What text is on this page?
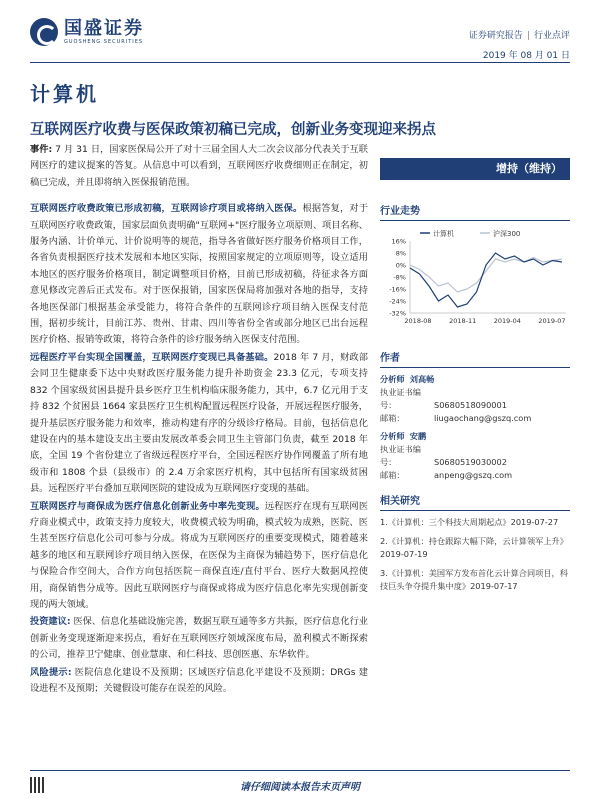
国盛证券
GUOSHENG SECURITIES
证券研究报告 | 行业点评
2019 年 08 月 01 日
计算机
互联网医疗收费与医保政策初稿已完成，创新业务变现迎来拐点

事件: 7 月 31 日，国家医保局公开了对十三届全国人大二次会议部分代表关于互联网医疗的建议提案的答复。从信息中可以看到，互联网医疗收费细则正在制定，初稿已完成，并且即将纳入医保报销范围。

互联网医疗收费政策已形成初稿，互联网诊疗项目或将纳入医保。根据答复，对于互联网医疗收费政策，国家层面负责明确"互联网+"医疗服务立项原则、项目名称、服务内涵、计价单元、计价说明等的规范，指导各省做好医疗服务价格项目工作，各省负责根据医疗技术发展和本地区实际，按照国家规定的立项原则等，设立适用本地区的医疗服务价格项目，制定调整项目价格，目前已形成初稿，待征求各方面意见修改完善后正式发布。对于医保报销，国家医保局将加强对各地的指导，支持各地医保部门根据基金承受能力，将符合条件的互联网诊疗项目纳入医保支付范围，据初步统计，目前江苏、贵州、甘肃、四川等省份全省或部分地区已出台远程医疗价格、报销等政策，将符合条件的诊疗服务纳入医保支付范围。

远程医疗平台实现全国覆盖，互联网医疗变现已具备基础。2018 年 7 月，财政部会同卫生健康委下达中央财政医疗服务能力提升补助资金 23.3 亿元，专项支持 832 个国家级贫困县提升县乡医疗卫生机构临床服务能力，其中，6.7 亿元用于支持 832 个贫困县 1664 家县医疗卫生机构配置远程医疗设备，开展远程医疗服务，提升基层医疗服务能力和效率，推动构建有序的分级诊疗格局。目前，包括信息化建设在内的基本建设支出主要由发展改革委会同卫生主管部门负责，截至 2018 年底，全国 19 个省份建立了省级远程医疗平台，全国远程医疗协作网覆盖了所有地级市和 1808 个县（县级市）的 2.4 万余家医疗机构，其中包括所有国家级贫困县。远程医疗平台叠加互联网医院的建设成为互联网医疗变现的基础。

互联网医疗与商保成为医疗信息化创新业务中率先变现。远程医疗在现有互联网医疗商业模式中，政策支持力度较大，收费模式较为明确，模式较为成熟，医院、医生甚至医疗信息化公司可参与分成。将成为互联网医疗的重要变现模式，随着越来越多的地区和互联网诊疗项目纳入医保，在医保为主商保为辅趋势下，医疗信息化与保险合作空间大，合作方向包括医院－商保直连/直付平台、医疗大数据风控使用，商保销售分成等。因此互联网医疗与商保或将成为医疗信息化率先实现创新变现的两大领域。

投资建议: 医保、信息化基础设施完善，数据互联互通等多方共振，医疗信息化行业创新业务变现逐渐迎来拐点，看好在互联网医疗领域深度布局，盈利模式不断探索的公司，推荐卫宁健康、创业慧康、和仁科技、思创医惠、东华软件。

风险提示: 医院信息化建设不及预期；区域医疗信息化平建设不及预期；DRGs 建设进程不及预期；关键假设可能存在误差的风险。

增持（维持）
行业走势
计算机	沪深300
16%
8%
0%
-8%
-16%
-24%
-32%
2018-08	2018-11	2019-04	2019-07
作者
分析师 刘高畅
执业证书编号：	S0680518090001
邮箱：	liugaochang@gszq.com
分析师 安鹏
执业证书编号：	S0680519030002
邮箱：	anpeng@gszq.com
相关研究
1.《计算机：三个科技大周期起点》2019-07-27
2.《计算机：持仓跟踪大幅下降，云计算领军上升》2019-07-19
3.《计算机：美国军方发布首化云计算合同项目，科技巨头争夺提升集中度》2019-07-17
请仔细阅读本报告末页声明
